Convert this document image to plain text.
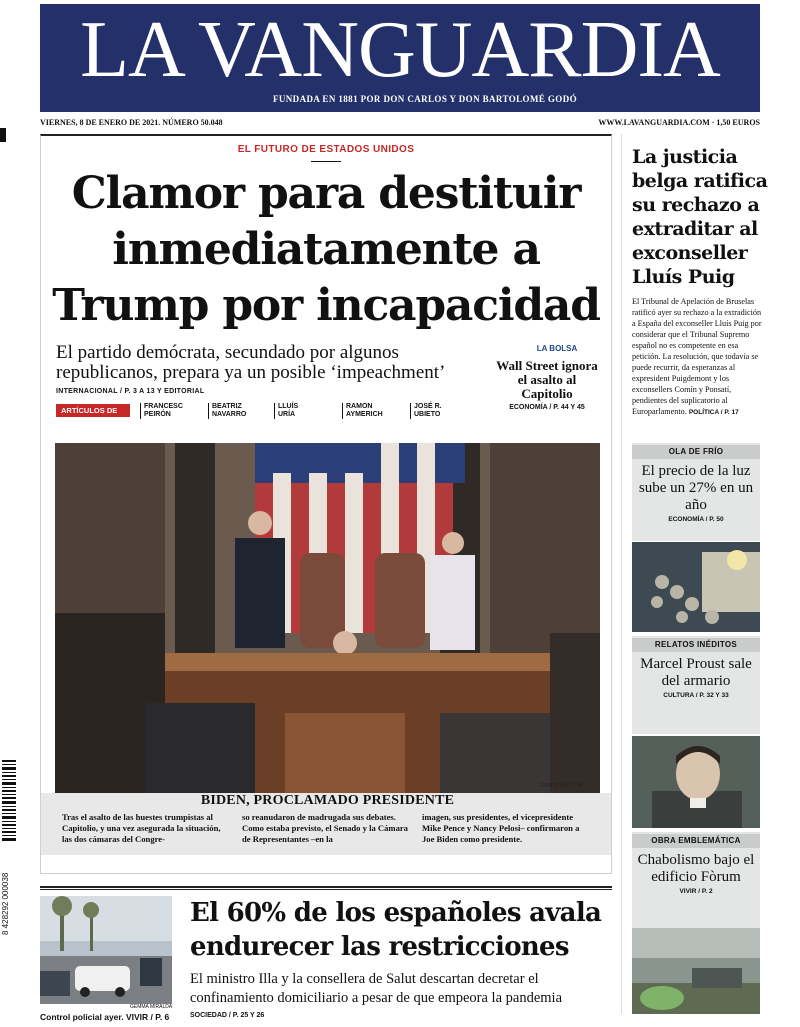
LA VANGUARDIA
FUNDADA EN 1881 POR DON CARLOS Y DON BARTOLOMÉ GODÓ
VIERNES, 8 DE ENERO DE 2021. NÚMERO 50.048	WWW.LAVANGUARDIA.COM · 1,50 EUROS
EL FUTURO DE ESTADOS UNIDOS
Clamor para destituir
inmediatamente a
Trump por incapacidad
El partido demócrata, secundado por algunos republicanos, prepara ya un posible ‘impeachment’
INTERNACIONAL / P. 3 A 13 Y EDITORIAL
LA BOLSA
Wall Street ignora el asalto al Capitolio
ECONOMÍA / P. 44 Y 45
ARTÍCULOS DE	FRANCESC
PEIRÓN
BEATRIZ
NAVARRO
LLUÍS
URÍA
RAMON
AYMERICH
JOSÉ R.
UBIETO
ERIN SCHAFF / AP
BIDEN, PROCLAMADO PRESIDENTE
Tras el asalto de las huestes trumpistas al Capitolio, y una vez asegurada la situación, las dos cámaras del Congre-
so reanudaron de madrugada sus debates. Como estaba previsto, el Senado y la Cámara de Representantes –en la
imagen, sus presidentes, el vicepresidente Mike Pence y Nancy Pelosi– confirmaron a Joe Biden como presidente.
8 428292 000038
GEMMA MIRALDA
Control policial ayer. VIVIR / P. 6
El 60% de los españoles avala
endurecer las restricciones
El ministro Illa y la consellera de Salut descartan decretar el confinamiento domiciliario a pesar de que empeora la pandemia
SOCIEDAD / P. 25 Y 26
La justicia belga ratifica su rechazo a extraditar al exconseller Lluís Puig
El Tribunal de Apelación de Bruselas ratificó ayer su rechazo a la extradición a España del exconseller Lluís Puig por considerar que el Tribunal Supremo español no es competente en esa petición. La resolución, que todavía se puede recurrir, da esperanzas al expresident Puigdemont y los exconsellers Comín y Ponsatí, pendientes del suplicatorio al Europarlamento. POLÍTICA / P. 17
OLA DE FRÍO
El precio de la luz sube un 27% en un año
ECONOMÍA / P. 50
RELATOS INÉDITOS
Marcel Proust sale del armario
CULTURA / P. 32 Y 33
OBRA EMBLEMÁTICA
Chabolismo bajo el edificio Fòrum
VIVIR / P. 2
